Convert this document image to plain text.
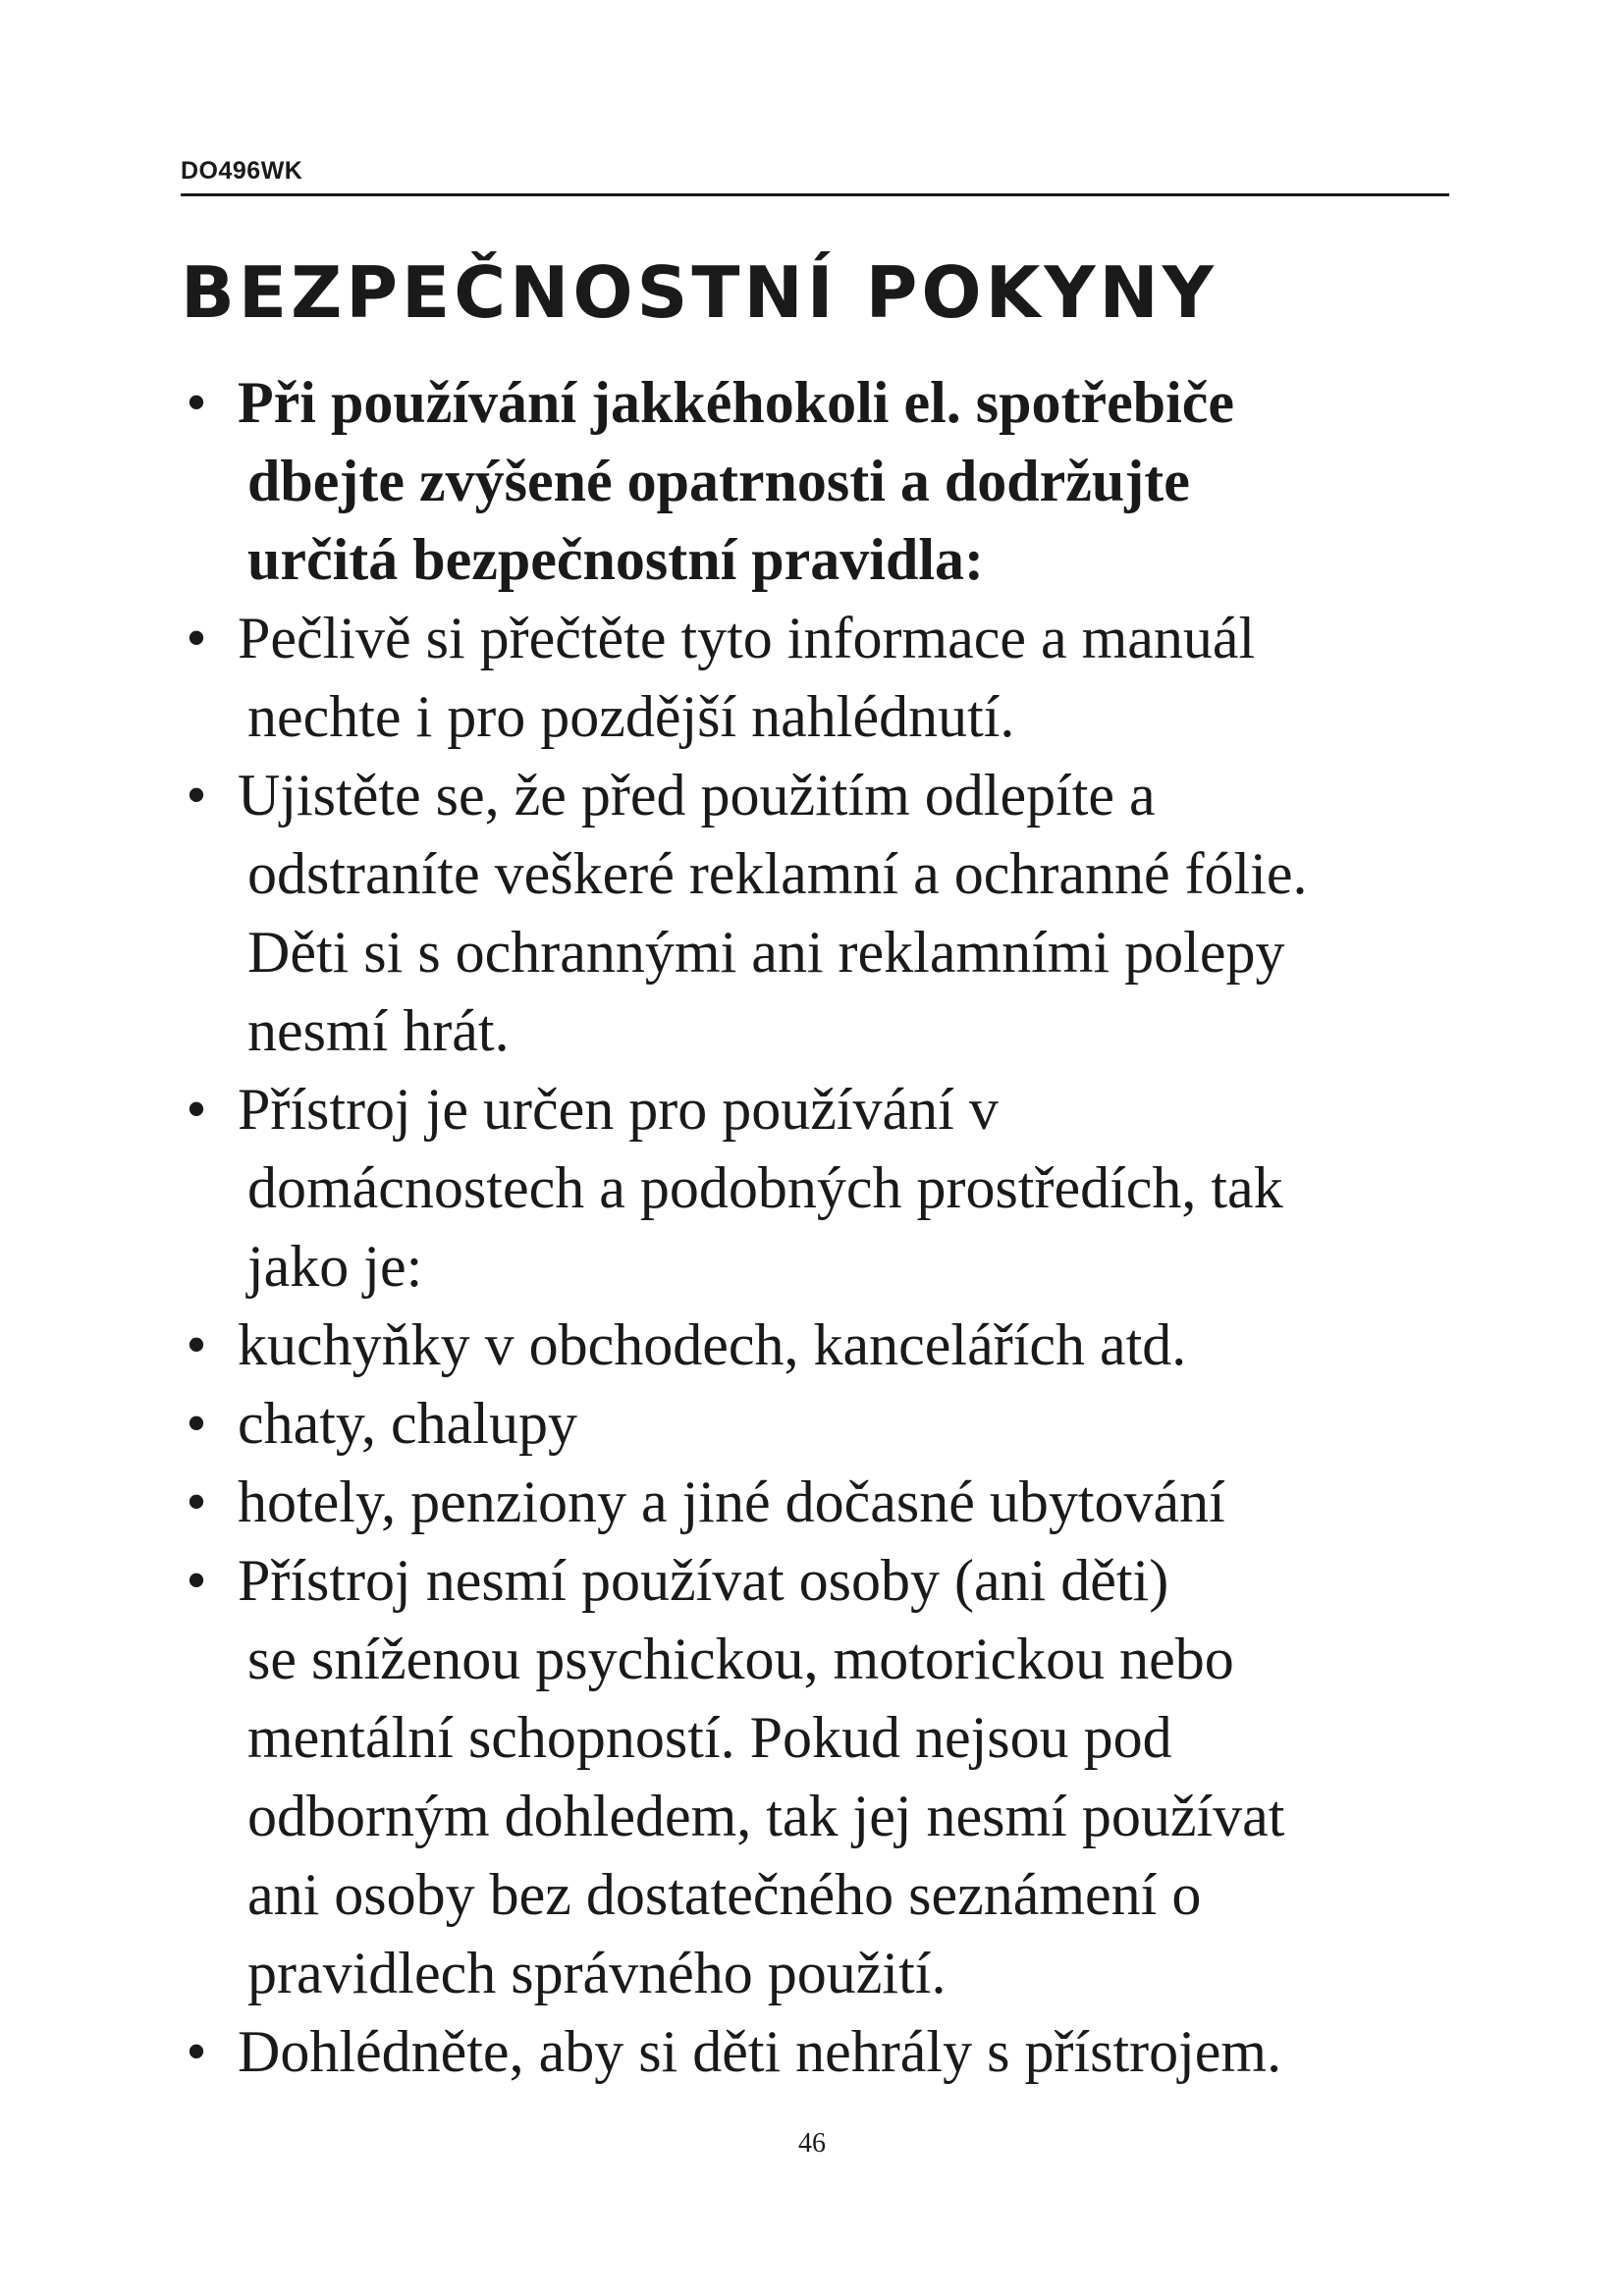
DO496WK
BEZPEČNOSTNÍ POKYNY
• Při používání jakkéhokoli el. spotřebiče
dbejte zvýšené opatrnosti a dodržujte
určitá bezpečnostní pravidla:
• Pečlivě si přečtěte tyto informace a manuál
nechte i pro pozdější nahlédnutí.
• Ujistěte se, že před použitím odlepíte a
odstraníte veškeré reklamní a ochranné fólie.
Děti si s ochrannými ani reklamními polepy
nesmí hrát.
• Přístroj je určen pro používání v
domácnostech a podobných prostředích, tak
jako je:
• kuchyňky v obchodech, kancelářích atd.
• chaty, chalupy
• hotely, penziony a jiné dočasné ubytování
• Přístroj nesmí používat osoby (ani děti)
se sníženou psychickou, motorickou nebo
mentální schopností. Pokud nejsou pod
odborným dohledem, tak jej nesmí používat
ani osoby bez dostatečného seznámení o
pravidlech správného použití.
• Dohlédněte, aby si děti nehrály s přístrojem.
46
